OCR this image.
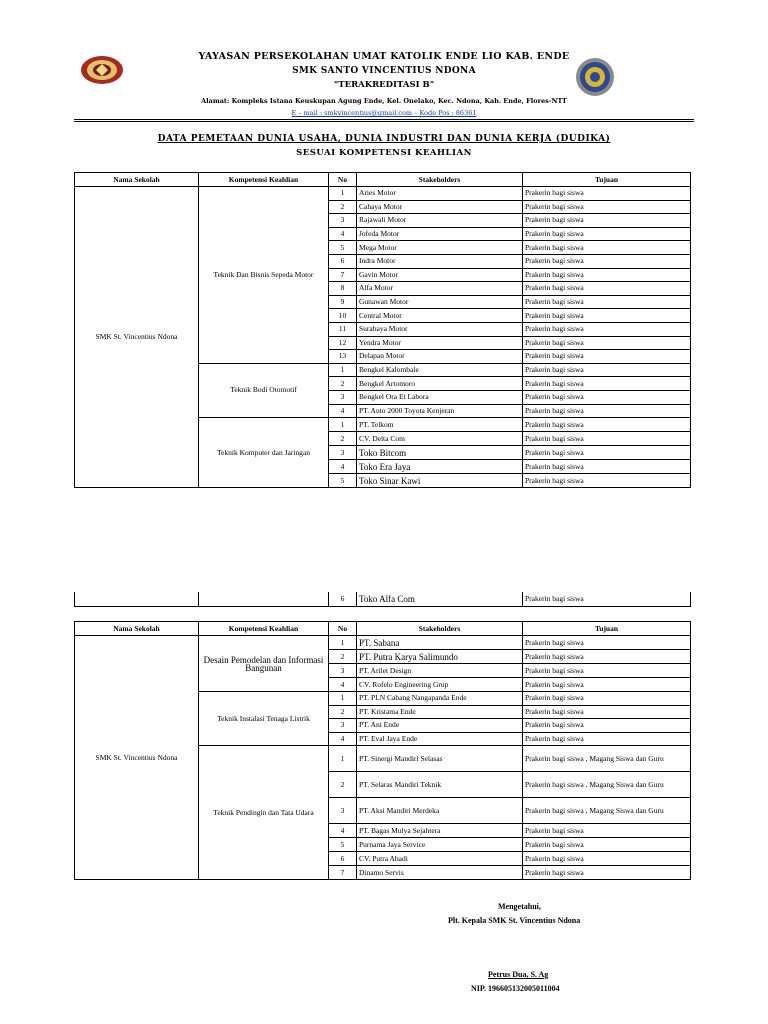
YAYASAN PERSEKOLAHAN UMAT KATOLIK ENDE LIO KAB. ENDE
SMK SANTO VINCENTIUS NDONA
"TERAKREDITASI B"
Alamat: Kompleks Istana Keuskupan Agung Ende, Kel. Onelako, Kec. Ndona, Kab. Ende, Flores-NTT
E – mail : smkvincentius@gmail.com – Kode Pos : 86361
DATA PEMETAAN DUNIA USAHA, DUNIA INDUSTRI DAN DUNIA KERJA (DUDIKA)
SESUAI KOMPETENSI KEAHLIAN
Nama Sekolah	Kompetensi Keahlian	No	Stakeholders	Tujuan
SMK St. Vincentius Ndona	Teknik Dan Bisnis Sepeda Motor	1	Aries Motor	Prakerin bagi siswa
		2	Cahaya Motor	Prakerin bagi siswa
		3	Rajawali Motor	Prakerin bagi siswa
		4	Jofeda Motor	Prakerin bagi siswa
		5	Mega Motor	Prakerin bagi siswa
		6	Indra Motor	Prakerin bagi siswa
		7	Gavin Motor	Prakerin bagi siswa
		8	Alfa Motor	Prakerin bagi siswa
		9	Gunawan Motor	Prakerin bagi siswa
		10	Central Motor	Prakerin bagi siswa
		11	Surabaya Motor	Prakerin bagi siswa
		12	Yendra Motor	Prakerin bagi siswa
		13	Delapan Motor	Prakerin bagi siswa
	Teknik Bodi Otomotif	1	Bengkel Kalombale	Prakerin bagi siswa
		2	Bengkel Artomoro	Prakerin bagi siswa
		3	Bengkel Ora Et Labora	Prakerin bagi siswa
		4	PT. Auto 2000 Toyota Kenjeran	Prakerin bagi siswa
	Teknik Komputer dan Jaringan	1	PT. Telkom	Prakerin bagi siswa
		2	CV. Delta Com	Prakerin bagi siswa
		3	Toko Bitcom	Prakerin bagi siswa
		4	Toko Era Jaya	Prakerin bagi siswa
		5	Toko Sinar Kawi	Prakerin bagi siswa
		6	Toko Alfa Com	Prakerin bagi siswa
Nama Sekolah	Kompetensi Keahlian	No	Stakeholders	Tujuan
SMK St. Vincentius Ndona	Desain Pemodelan dan Informasi Bangunan	1	PT. Sabana	Prakerin bagi siswa
		2	PT. Putra Karya Salimundo	Prakerin bagi siswa
		3	PT. Arilet Design	Prakerin bagi siswa
		4	CV. Rofelo Engineering Grup	Prakerin bagi siswa
	Teknik Instalasi Tenaga Listrik	1	PT. PLN Cabang Nangapanda Ende	Prakerin bagi siswa
		2	PT. Kristama Ende	Prakerin bagi siswa
		3	PT. Ani Ende	Prakerin bagi siswa
		4	PT. Eval Jaya Ende	Prakerin bagi siswa
	Teknik Pendingin dan Tata Udara	1	PT. Sinergi Mandiri Selasas	Prakerin bagi siswa , Magang Siswa dan Guru
		2	PT. Selaras Mandiri Teknik	Prakerin bagi siswa , Magang Siswa dan Guru
		3	PT. Aksi Mandiri Merdeka	Prakerin bagi siswa , Magang Siswa dan Guru
		4	PT. Bagas Mulya Sejahtera	Prakerin bagi siswa
		5	Purnama Jaya Service	Prakerin bagi siswa
		6	CV. Putra Abadi	Prakerin bagi siswa
		7	Dinamo Servis	Prakerin bagi siswa
Mengetahui,
Plt. Kepala SMK St. Vincentius Ndona
Petrus Dua, S. Ag
NIP. 196605132005011004
